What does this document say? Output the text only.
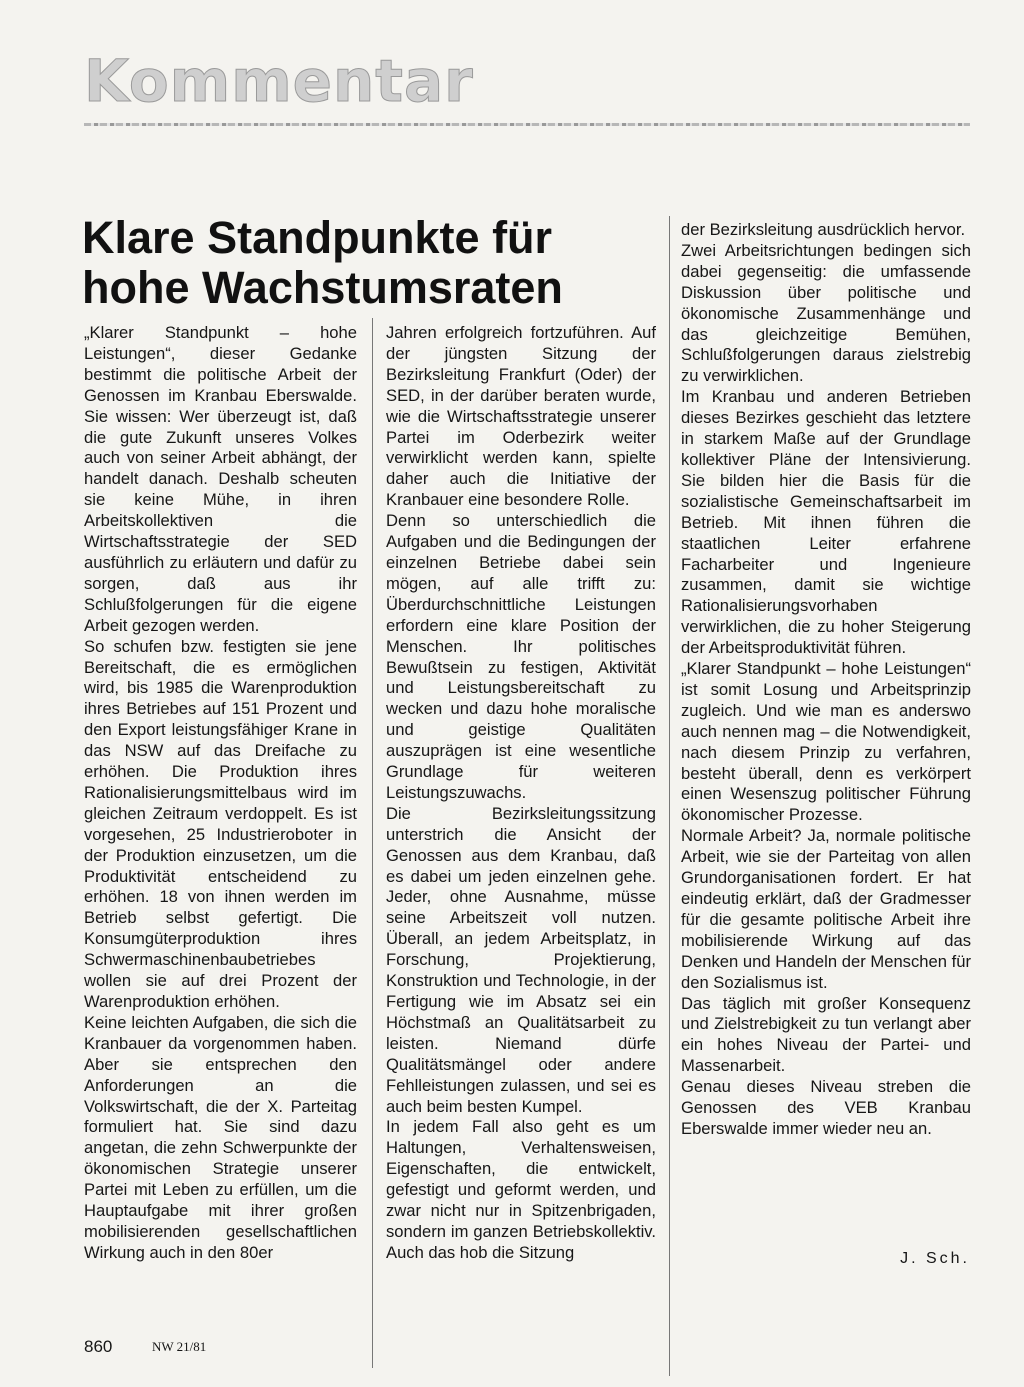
Kommentar
Klare Standpunkte für
hohe Wachstumsraten

„Klarer Standpunkt – hohe Leistungen“, dieser Gedanke bestimmt die politische Arbeit der Genossen im Kranbau Eberswalde. Sie wissen: Wer überzeugt ist, daß die gute Zukunft unseres Volkes auch von seiner Arbeit abhängt, der handelt danach. Deshalb scheuten sie keine Mühe, in ihren Arbeitskollektiven die Wirtschaftsstrategie der SED ausführlich zu erläutern und dafür zu sorgen, daß aus ihr Schlußfolgerungen für die eigene Arbeit gezogen werden.

So schufen bzw. festigten sie jene Bereitschaft, die es ermöglichen wird, bis 1985 die Warenproduktion ihres Betriebes auf 151 Prozent und den Export leistungsfähiger Krane in das NSW auf das Dreifache zu erhöhen. Die Produktion ihres Rationalisierungsmittelbaus wird im gleichen Zeitraum verdoppelt. Es ist vorgesehen, 25 Industrieroboter in der Produktion einzusetzen, um die Produktivität entscheidend zu erhöhen. 18 von ihnen werden im Betrieb selbst gefertigt. Die Konsumgüterproduktion ihres Schwermaschinenbaubetriebes wollen sie auf drei Prozent der Warenproduktion erhöhen.

Keine leichten Aufgaben, die sich die Kranbauer da vorgenommen haben. Aber sie entsprechen den Anforderungen an die Volkswirtschaft, die der X. Parteitag formuliert hat. Sie sind dazu angetan, die zehn Schwerpunkte der ökonomischen Strategie unserer Partei mit Leben zu erfüllen, um die Hauptaufgabe mit ihrer großen mobilisierenden gesellschaftlichen Wirkung auch in den 80er

Jahren erfolgreich fortzuführen. Auf der jüngsten Sitzung der Bezirksleitung Frankfurt (Oder) der SED, in der darüber beraten wurde, wie die Wirtschaftsstrategie unserer Partei im Oderbezirk weiter verwirklicht werden kann, spielte daher auch die Initiative der Kranbauer eine besondere Rolle.

Denn so unterschiedlich die Aufgaben und die Bedingungen der einzelnen Betriebe dabei sein mögen, auf alle trifft zu: Überdurchschnittliche Leistungen erfordern eine klare Position der Menschen. Ihr politisches Bewußtsein zu festigen, Aktivität und Leistungsbereitschaft zu wecken und dazu hohe moralische und geistige Qualitäten auszuprägen ist eine wesentliche Grundlage für weiteren Leistungszuwachs.

Die Bezirksleitungssitzung unterstrich die Ansicht der Genossen aus dem Kranbau, daß es dabei um jeden einzelnen gehe. Jeder, ohne Ausnahme, müsse seine Arbeitszeit voll nutzen. Überall, an jedem Arbeitsplatz, in Forschung, Projektierung, Konstruktion und Technologie, in der Fertigung wie im Absatz sei ein Höchstmaß an Qualitätsarbeit zu leisten. Niemand dürfe Qualitätsmängel oder andere Fehlleistungen zulassen, und sei es auch beim besten Kumpel.

In jedem Fall also geht es um Haltungen, Verhaltensweisen, Eigenschaften, die entwickelt, gefestigt und geformt werden, und zwar nicht nur in Spitzenbrigaden, sondern im ganzen Betriebskollektiv. Auch das hob die Sitzung

der Bezirksleitung ausdrücklich hervor.

Zwei Arbeitsrichtungen bedingen sich dabei gegenseitig: die umfassende Diskussion über politische und ökonomische Zusammenhänge und das gleichzeitige Bemühen, Schlußfolgerungen daraus zielstrebig zu verwirklichen.

Im Kranbau und anderen Betrieben dieses Bezirkes geschieht das letztere in starkem Maße auf der Grundlage kollektiver Pläne der Intensivierung. Sie bilden hier die Basis für die sozialistische Gemeinschaftsarbeit im Betrieb. Mit ihnen führen die staatlichen Leiter erfahrene Facharbeiter und Ingenieure zusammen, damit sie wichtige Rationalisierungsvorhaben verwirklichen, die zu hoher Steigerung der Arbeitsproduktivität führen.

„Klarer Standpunkt – hohe Leistungen“ ist somit Losung und Arbeitsprinzip zugleich. Und wie man es anderswo auch nennen mag – die Notwendigkeit, nach diesem Prinzip zu verfahren, besteht überall, denn es verkörpert einen Wesenszug politischer Führung ökonomischer Prozesse.

Normale Arbeit? Ja, normale politische Arbeit, wie sie der Parteitag von allen Grundorganisationen fordert. Er hat eindeutig erklärt, daß der Gradmesser für die gesamte politische Arbeit ihre mobilisierende Wirkung auf das Denken und Handeln der Menschen für den Sozialismus ist.

Das täglich mit großer Konsequenz und Zielstrebigkeit zu tun verlangt aber ein hohes Niveau der Partei- und Massenarbeit.

Genau dieses Niveau streben die Genossen des VEB Kranbau Eberswalde immer wieder neu an.

J. Sch.
860	NW 21/81
